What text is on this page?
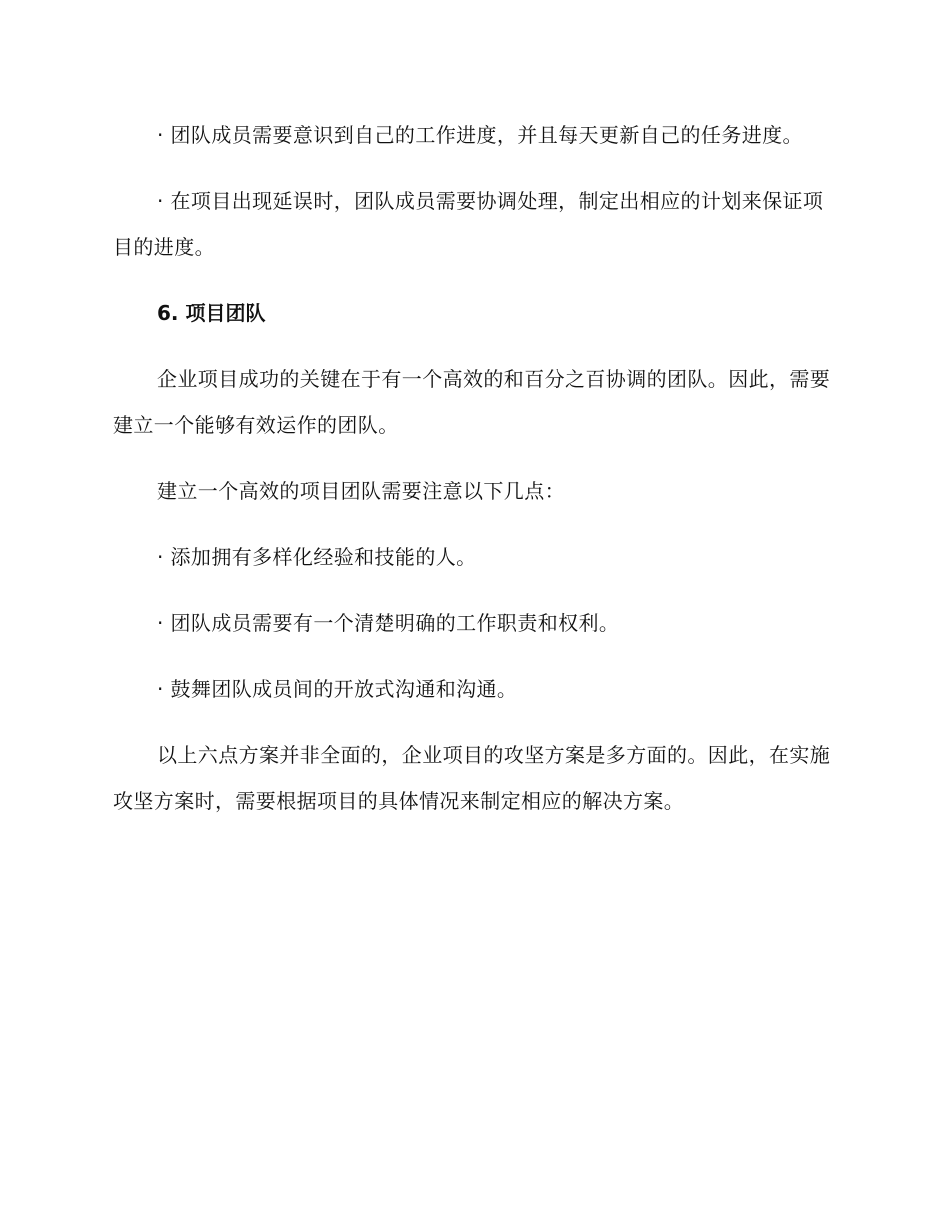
· 团队成员需要意识到自己的工作进度，并且每天更新自己的任务进度。

· 在项目出现延误时，团队成员需要协调处理，制定出相应的计划来保证项目的进度。

6. 项目团队

企业项目成功的关键在于有一个高效的和百分之百协调的团队。因此，需要建立一个能够有效运作的团队。

建立一个高效的项目团队需要注意以下几点：

· 添加拥有多样化经验和技能的人。

· 团队成员需要有一个清楚明确的工作职责和权利。

· 鼓舞团队成员间的开放式沟通和沟通。

以上六点方案并非全面的，企业项目的攻坚方案是多方面的。因此，在实施攻坚方案时，需要根据项目的具体情况来制定相应的解决方案。
